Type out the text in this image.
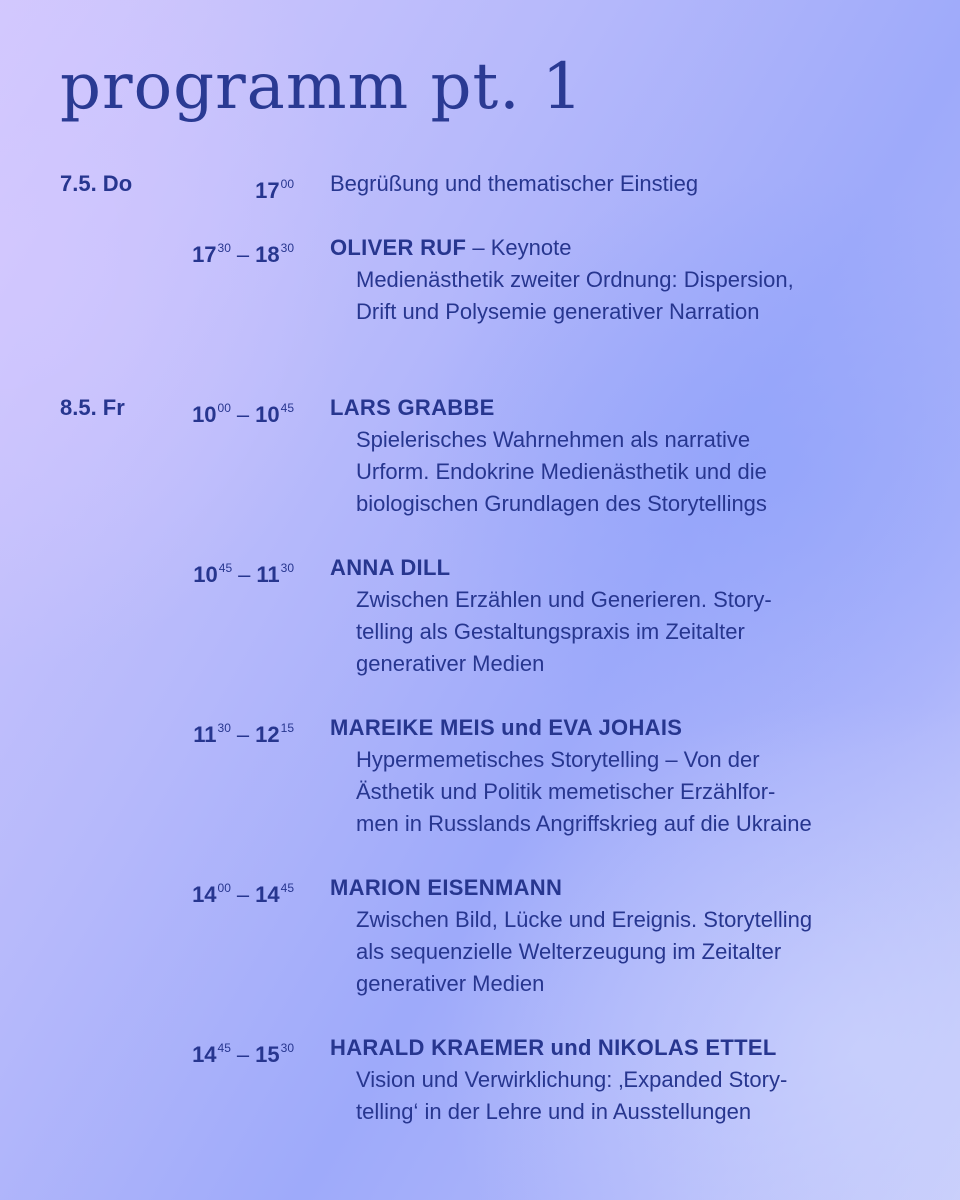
programm pt. 1
7.5. Do	$17^{00}$ Begrüßung und thematischer Einstieg
$17^{30} - 18^{30}$ OLIVER RUF – Keynote

Medienästhetik zweiter Ordnung: Dispersion,
Drift und Polysemie generativer Narration

8.5. Fr	$10^{00} - 10^{45}$ LARS GRABBE

Spielerisches Wahrnehmen als narrative
Urform. Endokrine Medienästhetik und die
biologischen Grundlagen des Storytellings

$10^{45} - 11^{30}$ ANNA DILL

Zwischen Erzählen und Generieren. Story-
telling als Gestaltungspraxis im Zeitalter
generativer Medien

$11^{30} - 12^{15}$ MAREIKE MEIS und EVA JOHAIS

Hypermemetisches Storytelling – Von der
Ästhetik und Politik memetischer Erzählfor-
men in Russlands Angriffskrieg auf die Ukraine

$14^{00} - 14^{45}$ MARION EISENMANN

Zwischen Bild, Lücke und Ereignis. Storytelling
als sequenzielle Welterzeugung im Zeitalter
generativer Medien

$14^{45} - 15^{30}$ HARALD KRAEMER und NIKOLAS ETTEL

Vision und Verwirklichung: ‚Expanded Story-
telling‘ in der Lehre und in Ausstellungen
